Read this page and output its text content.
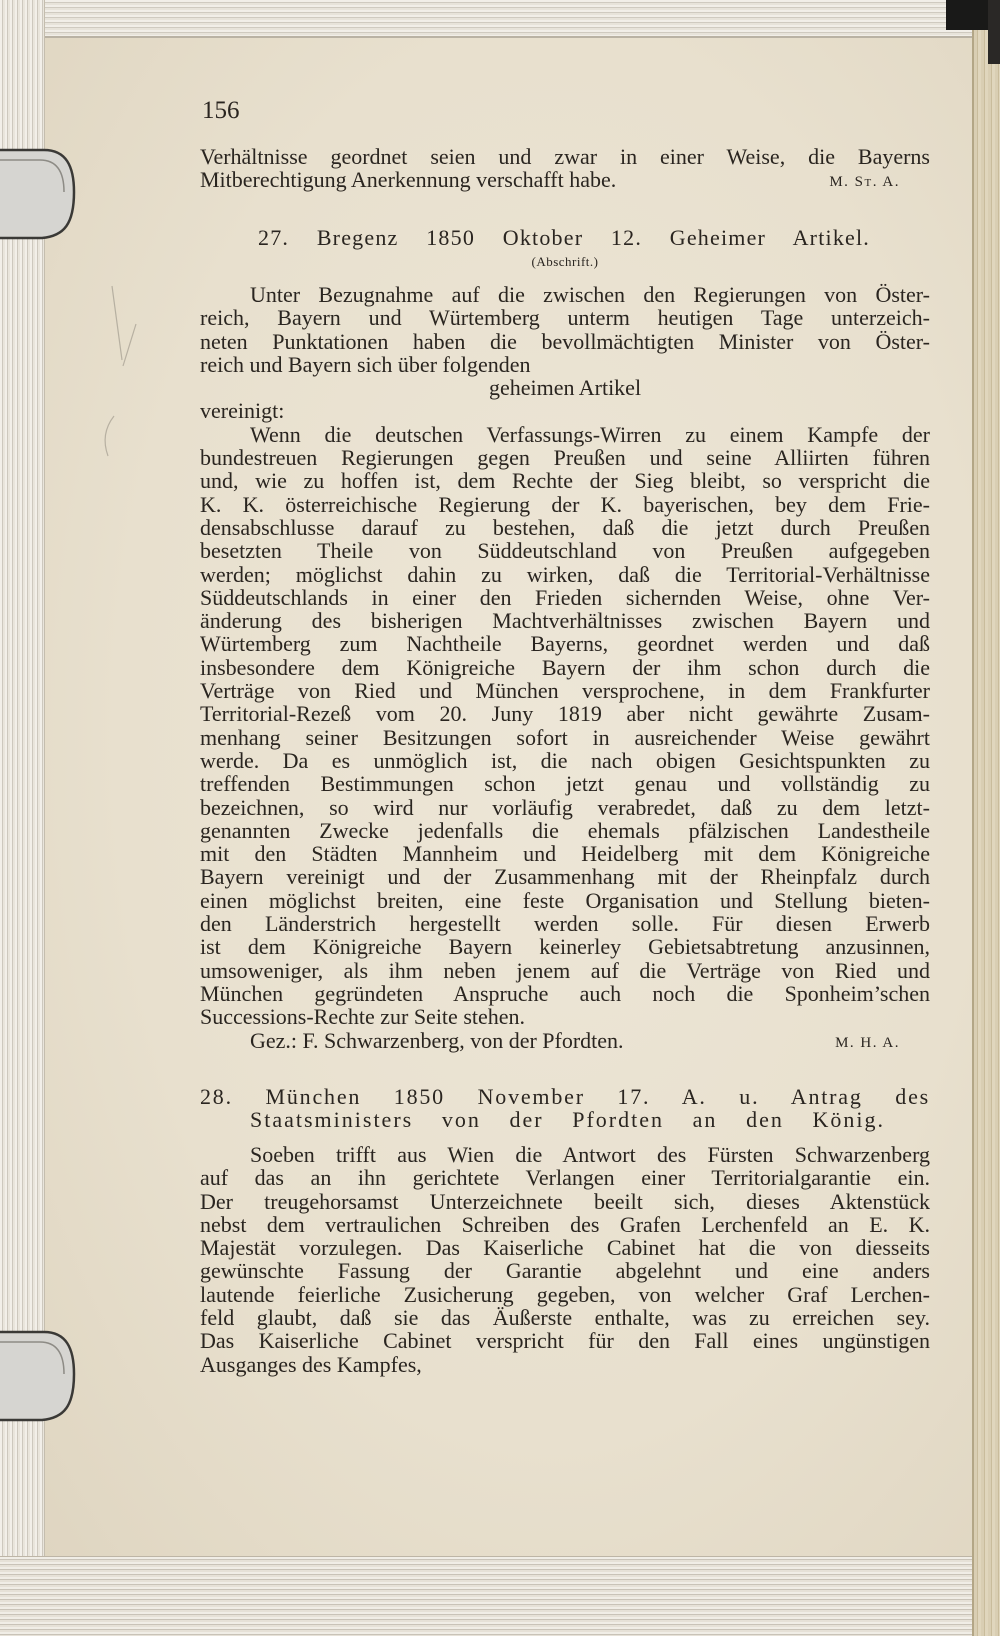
156
Verhältnisse geordnet seien und zwar in einer Weise, die Bayerns
Mitberechtigung Anerkennung verschafft habe.	M. St. A.
27. Bregenz 1850 Oktober 12. Geheimer Artikel.
(Abschrift.)
Unter Bezugnahme auf die zwischen den Regierungen von Öster-
reich, Bayern und Würtemberg unterm heutigen Tage unterzeich-
neten Punktationen haben die bevollmächtigten Minister von Öster-
reich und Bayern sich über folgenden
geheimen Artikel
vereinigt:
Wenn die deutschen Verfassungs-Wirren zu einem Kampfe der
bundestreuen Regierungen gegen Preußen und seine Alliirten führen
und, wie zu hoffen ist, dem Rechte der Sieg bleibt, so verspricht die
K. K. österreichische Regierung der K. bayerischen, bey dem Frie-
densabschlusse darauf zu bestehen, daß die jetzt durch Preußen
besetzten Theile von Süddeutschland von Preußen aufgegeben
werden; möglichst dahin zu wirken, daß die Territorial-Verhältnisse
Süddeutschlands in einer den Frieden sichernden Weise, ohne Ver-
änderung des bisherigen Machtverhältnisses zwischen Bayern und
Würtemberg zum Nachtheile Bayerns, geordnet werden und daß
insbesondere dem Königreiche Bayern der ihm schon durch die
Verträge von Ried und München versprochene, in dem Frankfurter
Territorial-Rezeß vom 20. Juny 1819 aber nicht gewährte Zusam-
menhang seiner Besitzungen sofort in ausreichender Weise gewährt
werde. Da es unmöglich ist, die nach obigen Gesichtspunkten zu
treffenden Bestimmungen schon jetzt genau und vollständig zu
bezeichnen, so wird nur vorläufig verabredet, daß zu dem letzt-
genannten Zwecke jedenfalls die ehemals pfälzischen Landestheile
mit den Städten Mannheim und Heidelberg mit dem Königreiche
Bayern vereinigt und der Zusammenhang mit der Rheinpfalz durch
einen möglichst breiten, eine feste Organisation und Stellung bieten-
den Länderstrich hergestellt werden solle. Für diesen Erwerb
ist dem Königreiche Bayern keinerley Gebietsabtretung anzusinnen,
umsoweniger, als ihm neben jenem auf die Verträge von Ried und
München gegründeten Anspruche auch noch die Sponheim’schen
Successions-Rechte zur Seite stehen.
Gez.: F. Schwarzenberg, von der Pfordten.	M. H. A.
28. München 1850 November 17. A. u. Antrag des
Staatsministers von der Pfordten an den König.
Soeben trifft aus Wien die Antwort des Fürsten Schwarzenberg
auf das an ihn gerichtete Verlangen einer Territorialgarantie ein.
Der treugehorsamst Unterzeichnete beeilt sich, dieses Aktenstück
nebst dem vertraulichen Schreiben des Grafen Lerchenfeld an E. K.
Majestät vorzulegen. Das Kaiserliche Cabinet hat die von diesseits
gewünschte Fassung der Garantie abgelehnt und eine anders
lautende feierliche Zusicherung gegeben, von welcher Graf Lerchen-
feld glaubt, daß sie das Äußerste enthalte, was zu erreichen sey.
Das Kaiserliche Cabinet verspricht für den Fall eines ungünstigen
Ausganges des Kampfes,
